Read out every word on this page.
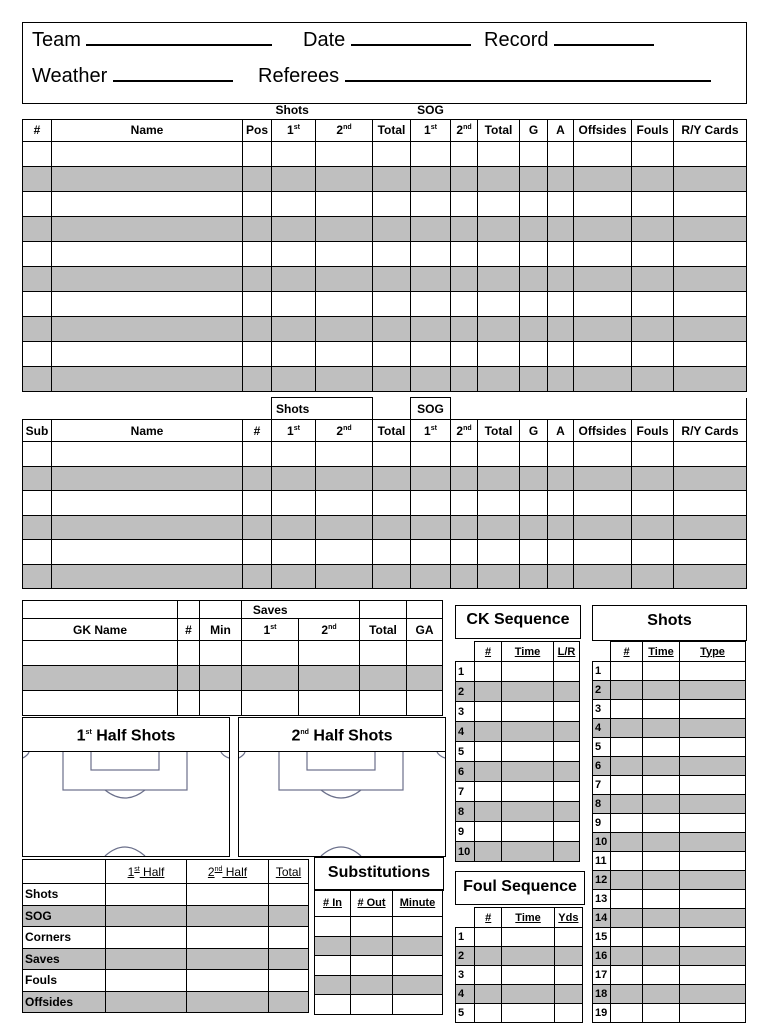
Team	Date	Record
Weather	Referees
			Shots			SOG							
#	Name	Pos	1st	2nd	Total	1st	2nd	Total	G	A	Offsides	Fouls	R/Y Cards

			Shots			SOG							
Sub	Name	#	1st	2nd	Total	1st	2nd	Total	G	A	Offsides	Fouls	R/Y Cards

			Saves			
GK Name	#	Min	1st	2nd	Total	GA

1st Half Shots	2nd Half Shots
	1st Half	2nd Half	Total
Shots			
SOG			
Corners			
Saves			
Fouls			
Offsides			
Substitutions
# In	# Out	Minute

CK Sequence
	#	Time	L/R
1			
2			
3			
4			
5			
6			
7			
8			
9			
10			
Foul Sequence
	#	Time	Yds
1			
2			
3			
4			
5			
Shots
	#	Time	Type
1			
2			
3			
4			
5			
6			
7			
8			
9			
10			
11			
12			
13			
14			
15			
16			
17			
18			
19			
